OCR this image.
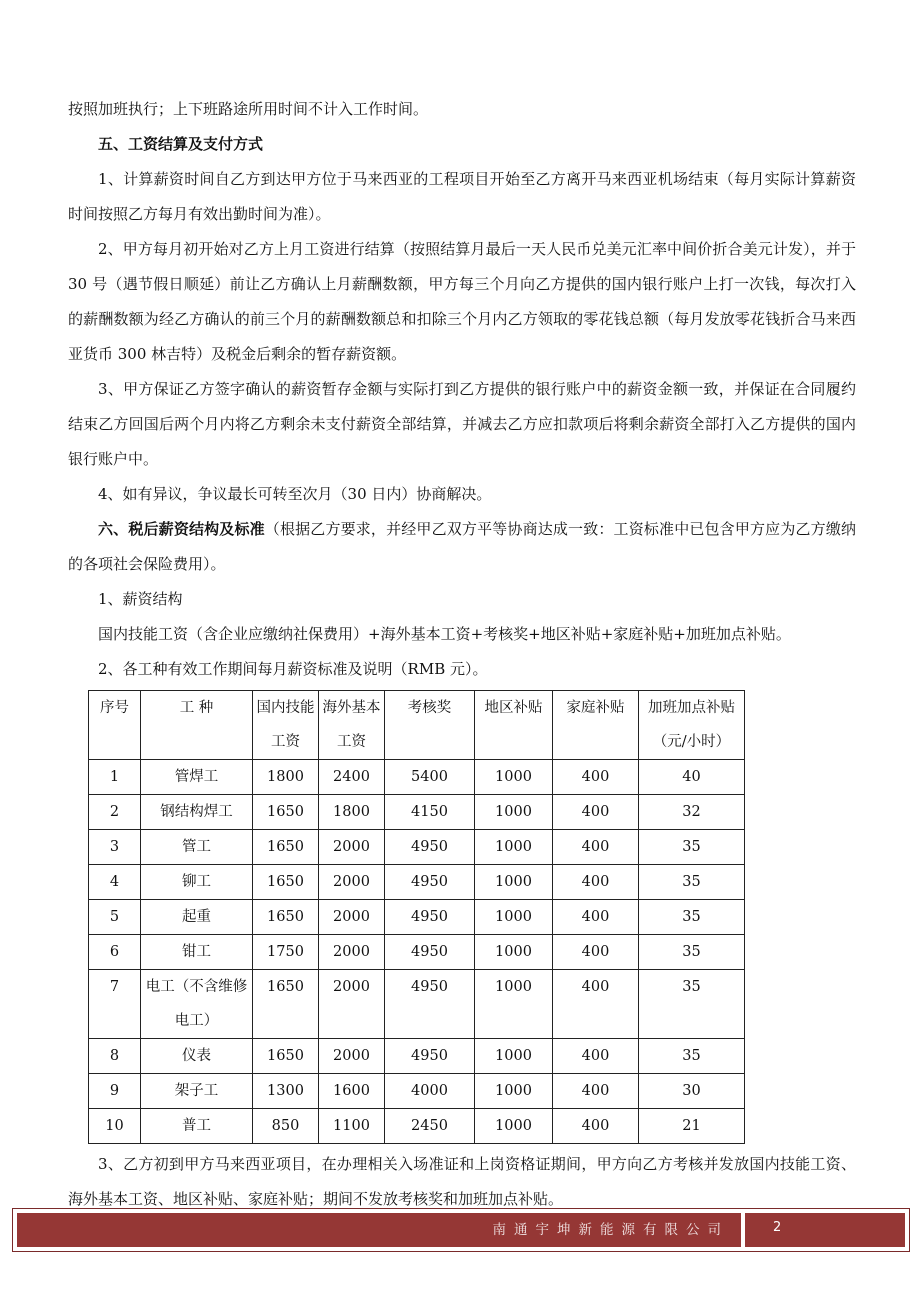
按照加班执行；上下班路途所用时间不计入工作时间。

五、工资结算及支付方式

1、计算薪资时间自乙方到达甲方位于马来西亚的工程项目开始至乙方离开马来西亚机场结束（每月实际计算薪资时间按照乙方每月有效出勤时间为准）。

2、甲方每月初开始对乙方上月工资进行结算（按照结算月最后一天人民币兑美元汇率中间价折合美元计发），并于 30 号（遇节假日顺延）前让乙方确认上月薪酬数额，甲方每三个月向乙方提供的国内银行账户上打一次钱，每次打入的薪酬数额为经乙方确认的前三个月的薪酬数额总和扣除三个月内乙方领取的零花钱总额（每月发放零花钱折合马来西亚货币 300 林吉特）及税金后剩余的暂存薪资额。

3、甲方保证乙方签字确认的薪资暂存金额与实际打到乙方提供的银行账户中的薪资金额一致，并保证在合同履约结束乙方回国后两个月内将乙方剩余未支付薪资全部结算，并减去乙方应扣款项后将剩余薪资全部打入乙方提供的国内银行账户中。

4、如有异议，争议最长可转至次月（30 日内）协商解决。

六、税后薪资结构及标准（根据乙方要求，并经甲乙双方平等协商达成一致：工资标准中已包含甲方应为乙方缴纳的各项社会保险费用）。

1、薪资结构

国内技能工资（含企业应缴纳社保费用）+海外基本工资+考核奖+地区补贴+家庭补贴+加班加点补贴。

2、各工种有效工作期间每月薪资标准及说明（RMB 元）。

序号	工 种	国内技能工资	海外基本工资	考核奖	地区补贴	家庭补贴	加班加点补贴（元/小时）
1	管焊工	1800	2400	5400	1000	400	40
2	钢结构焊工	1650	1800	4150	1000	400	32
3	管工	1650	2000	4950	1000	400	35
4	铆工	1650	2000	4950	1000	400	35
5	起重	1650	2000	4950	1000	400	35
6	钳工	1750	2000	4950	1000	400	35
7	电工（不含维修电工）	1650	2000	4950	1000	400	35
8	仪表	1650	2000	4950	1000	400	35
9	架子工	1300	1600	4000	1000	400	30
10	普工	850	1100	2450	1000	400	21

3、乙方初到甲方马来西亚项目，在办理相关入场准证和上岗资格证期间，甲方向乙方考核并发放国内技能工资、海外基本工资、地区补贴、家庭补贴；期间不发放考核奖和加班加点补贴。

南通宇坤新能源有限公司	2
